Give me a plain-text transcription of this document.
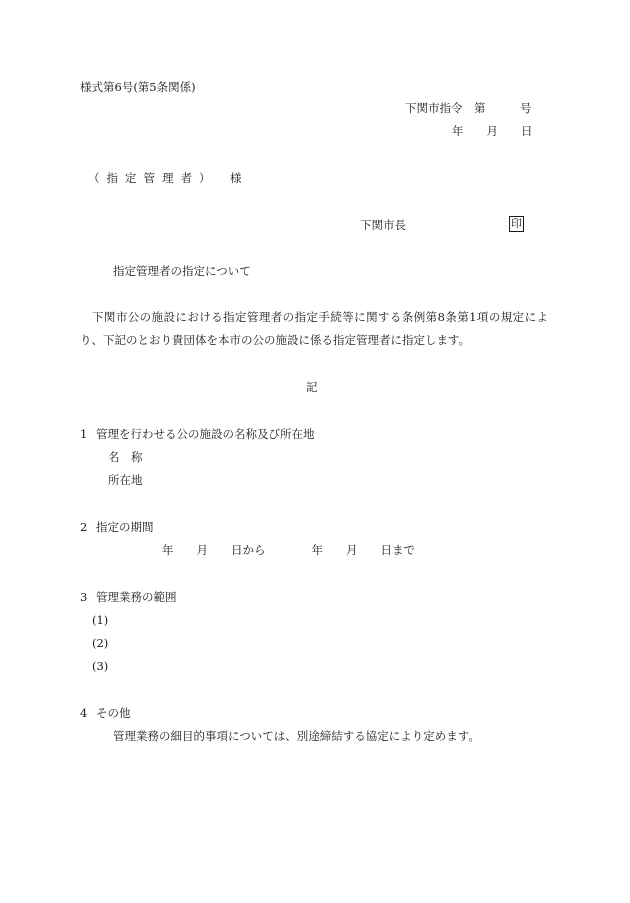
様式第6号(第5条関係)
下関市指令　第　　　号
年　　月　　日
（指定管理者） 様
下関市長	印
指定管理者の指定について
下関市公の施設における指定管理者の指定手続等に関する条例第8条第1項の規定によ
り、下記のとおり貴団体を本市の公の施設に係る指定管理者に指定します。
記
1 管理を行わせる公の施設の名称及び所在地
名　称
所在地
2 指定の期間
年　　月　　日から　　　　年　　月　　日まで
3 管理業務の範囲
(1)
(2)
(3)
4 その他
管理業務の細目的事項については、別途締結する協定により定めます。
